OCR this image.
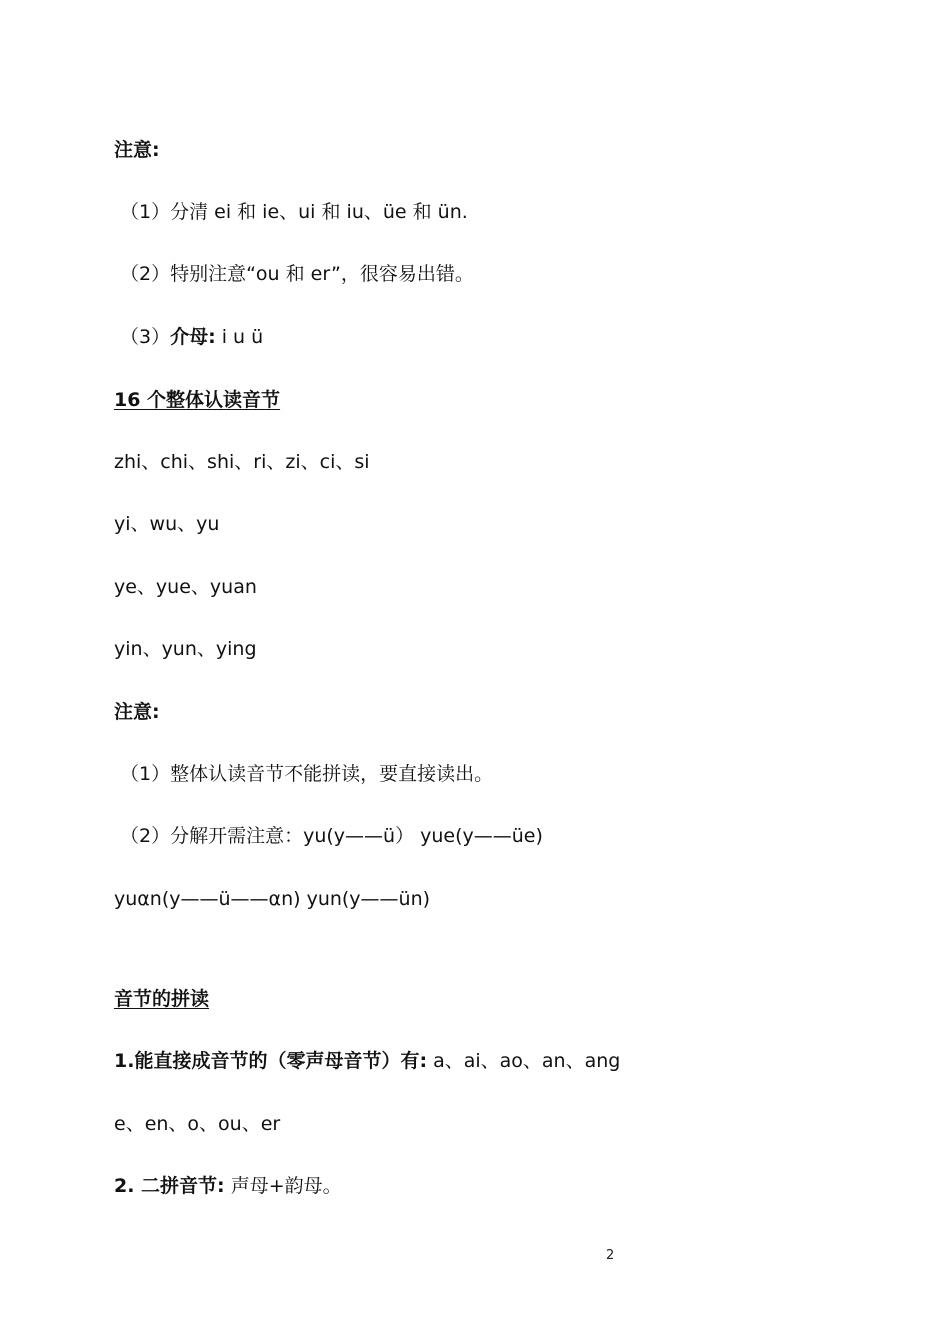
注意:
（1）分清 ei 和 ie、ui 和 iu、üe 和 ün.
（2）特别注意“ou 和 er”，很容易出错。
（3）介母: i u ü
16 个整体认读音节
zhi、chi、shi、ri、zi、ci、si
yi、wu、yu
ye、yue、yuan
yin、yun、ying
注意:
（1）整体认读音节不能拼读，要直接读出。
（2）分解开需注意：yu(y——ü） yue(y——üe)
yuαn(y——ü——αn) yun(y——ün)
音节的拼读
1.能直接成音节的（零声母音节）有: a、ai、ao、an、ang
e、en、o、ou、er
2. 二拼音节: 声母+韵母。
2
